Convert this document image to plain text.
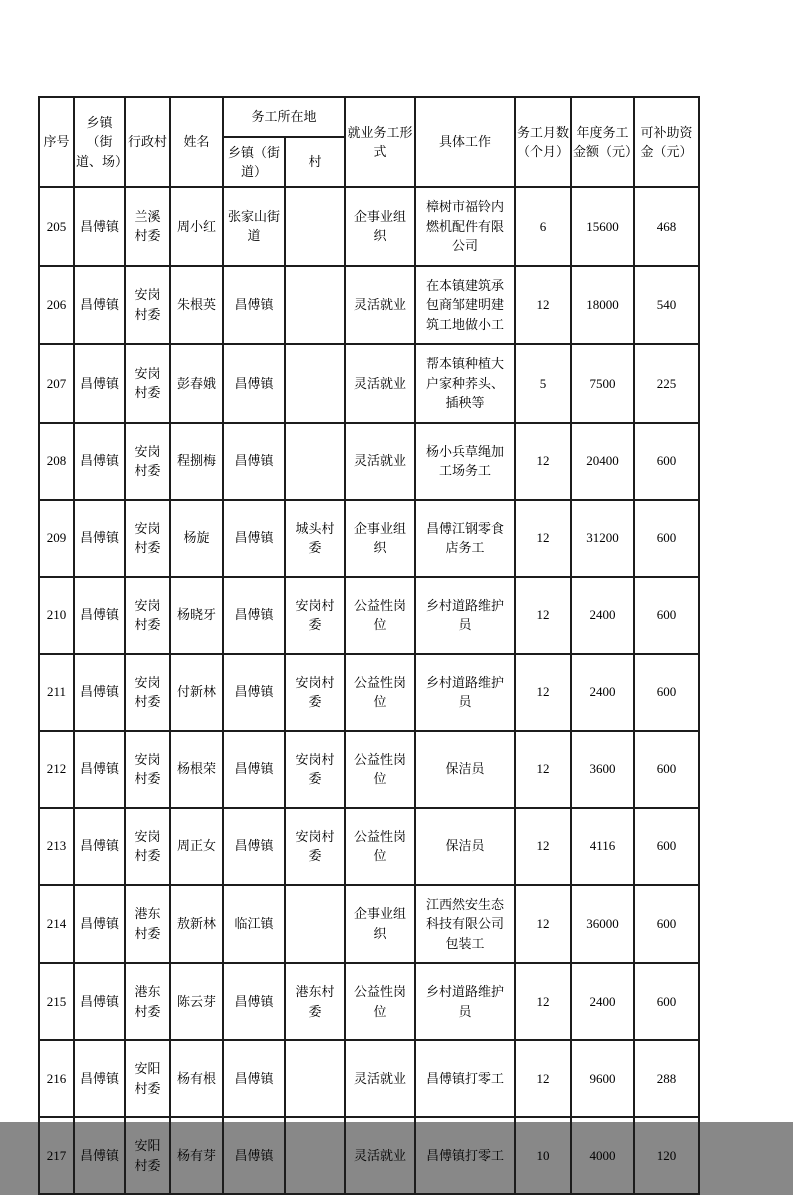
序号	乡镇（街道、场）	行政村	姓名	务工所在地		就业务工形式	具体工作	务工月数（个月）	年度务工金额（元）	可补助资金（元）
				乡镇（街道）	村					
205	昌傅镇	兰溪村委	周小红	张家山街道		企事业组织	樟树市福铃内燃机配件有限公司	6	15600	468
206	昌傅镇	安岗村委	朱根英	昌傅镇		灵活就业	在本镇建筑承包商邹建明建筑工地做小工	12	18000	540
207	昌傅镇	安岗村委	彭春娥	昌傅镇		灵活就业	帮本镇种植大户家种荞头、插秧等	5	7500	225
208	昌傅镇	安岗村委	程捌梅	昌傅镇		灵活就业	杨小兵草绳加工场务工	12	20400	600
209	昌傅镇	安岗村委	杨旋	昌傅镇	城头村委	企事业组织	昌傅江钢零食店务工	12	31200	600
210	昌傅镇	安岗村委	杨晓牙	昌傅镇	安岗村委	公益性岗位	乡村道路维护员	12	2400	600
211	昌傅镇	安岗村委	付新林	昌傅镇	安岗村委	公益性岗位	乡村道路维护员	12	2400	600
212	昌傅镇	安岗村委	杨根荣	昌傅镇	安岗村委	公益性岗位	保洁员	12	3600	600
213	昌傅镇	安岗村委	周正女	昌傅镇	安岗村委	公益性岗位	保洁员	12	4116	600
214	昌傅镇	港东村委	敖新林	临江镇		企事业组织	江西然安生态科技有限公司包装工	12	36000	600
215	昌傅镇	港东村委	陈云芽	昌傅镇	港东村委	公益性岗位	乡村道路维护员	12	2400	600
216	昌傅镇	安阳村委	杨有根	昌傅镇		灵活就业	昌傅镇打零工	12	9600	288
217	昌傅镇	安阳村委	杨有芽	昌傅镇		灵活就业	昌傅镇打零工	10	4000	120
